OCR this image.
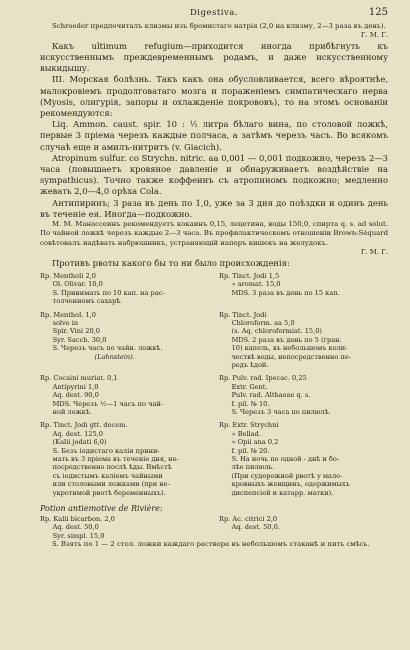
Digestiva.	125

Schroeder предпочиталъ клизмы изъ бромистаго натрія (2,0 на клизму, 2—3 раза въ день).

Г. М. Г.

Какъ ultimum refugium—приходится иногда прибѣгнуть къ искусственнымъ преждевременнымъ родамъ, и даже искусственному выкидышу.

III. Морская болѣзнь. Такъ какъ она обусловливается, всего вѣроятнѣе, малокровіемъ продолговатаго мозга и пораженіемъ симпатическаго нерва (Myosis, олигурія, запоры и охлажденіе покрововъ), то на этомъ основаніи рекомендуются:

Liq. Ammon. caust. spir. 10 : ½ литра бѣлаго вина, по столовой ложкѣ, первые 3 пріема черезъ каждые полчаса, а затѣмъ черезъ часъ. Во всякомъ случаѣ еще и амилъ-нитритъ (v. Giacich).

Atropinum sulfur. со Strychn. nitric. aa 0,001 — 0,001 подкожно, черезъ 2—3 часа (повышаетъ кровяное давленіе и обнаруживаетъ воздѣйствіе на sympathicus). Точно также коффеинъ съ атропиномъ подкожно; медленно жевать 2,0—4,0 орѣха Cola.

Антипиринъ; 3 раза въ день по 1,0, уже за 3 дня до поѣздки и одинъ день въ теченіе ея. Иногда—подкожно.

М. М. Манассеинъ рекомендуетъ кокаинъ 0,15, лецетина, воды 150,0, спирта q. s. ad solut. По чайной ложкѣ черезъ каждые 2—3 часа. Въ профилактическомъ отношеніи Brown-Séquard совѣтовалъ надѣвать набрюшникъ, устраняющій напоръ кишекъ на желудокъ.

Г. М. Г.

Противъ рвоты какого бы то ни было происхожденія:

Rp. Mentholi 2,0
Ol. Olivar. 10,0
S. Принимать по 10 кап. на рас-
толченномъ сахарѣ.
Rp. Tinct. Jodi 1,5
» aromat. 15,0
MDS. 3 раза въ день по 15 кап.
Rp. Menthol. 1,0
solve in
Spir. Vini 20,0
Syr. Sacch. 30,0
S. Черезъ часъ по чайн. ложкѣ.
(Lahnstein).
Rp. Tinct. Jodi
Chloroform. aa 5,0
(s. Aq. chloroformiat. 15,0)
MDS. 2 раза въ день по 5 (гран.
10) капель, въ небольшомъ коли-
чествѣ воды, непосредственно пе-
редъ ѣдой.
Rp. Cocaini muriat. 0,1
Antipyrini 1,0
Aq. dest. 90,0
MDS. Черезъ ½—1 часъ по чай-
ной ложкѣ.
Rp. Pulv. rad. Ipecac. 0,25
Extr. Gent.
Pulv. rad. Althaeae q. s.
f. pil. № 10.
S. Черезъ 3 часа по пилюлѣ.
Rp. Tinct. Jodi gtt. decem.
Aq. dest. 125,0
(Kalii jodati 6,0)
S. Безъ іодистаго калія прини-
мать въ 3 пріема въ теченіе дня, не-
посредственно послѣ ѣды. Вмѣстѣ
съ іодистымъ каліемъ чайными
или столовыми ложками (при не-
укротимой рвотѣ беременныхъ).
Rp. Extr. Strychni
» Bellad.
» Opii ana 0,2
f. pil. № 20.
S. На ночь по одной - днѣ и бо-
лѣе пилюль.
(При судорожной рвотѣ у мало-
кровныхъ женщинъ, одержимыхъ
диспепсіей и катарр. матки).
Potion antiemotive de Rivière:
Rp. Kalii bicarbon. 2,0
Aq. dest. 50,0
Syr. simpl. 15,0
Rp. Ac. citrici 2,0
Aq. dest. 50,0.

S. Взять по 1 — 2 стол. ложки каждаго раствора въ небольшомъ стаканѣ и пить смѣсь.
